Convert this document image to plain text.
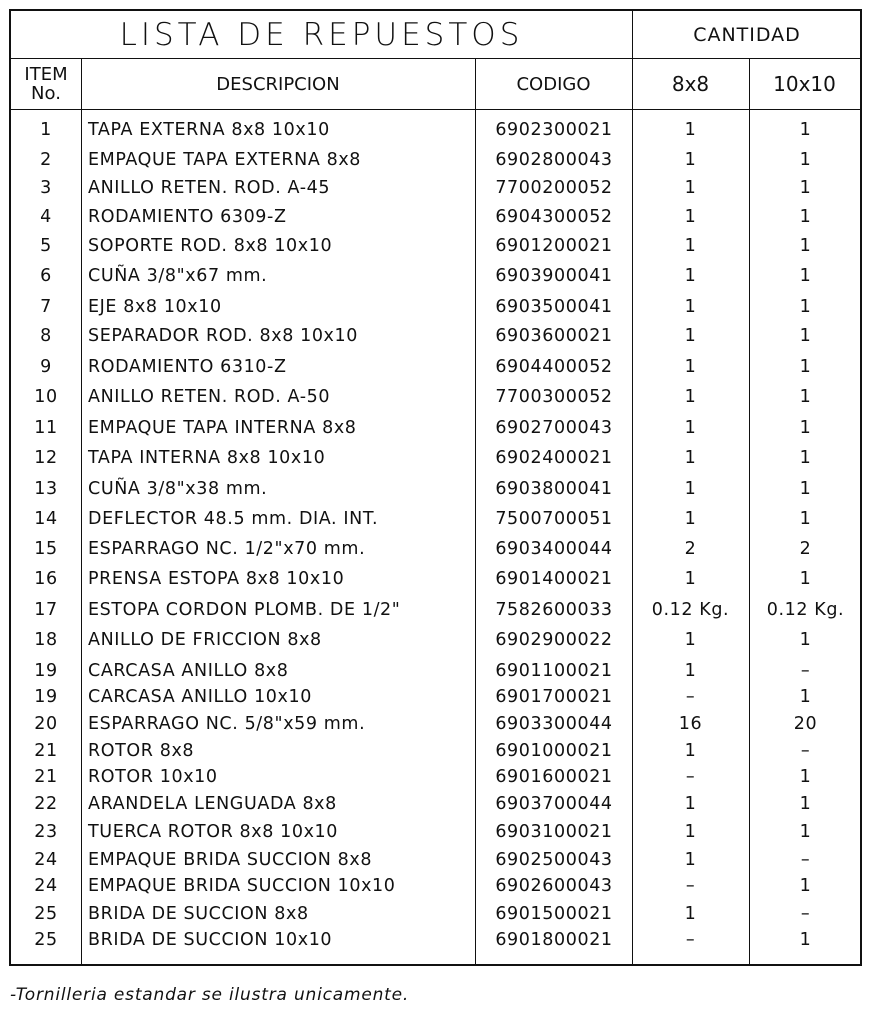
LISTA DE REPUESTOS	CANTIDAD
ITEM
No.	DESCRIPCION	CODIGO	8x8	10x10
1	TAPA EXTERNA 8x8 10x10	6902300021	1	1
2	EMPAQUE TAPA EXTERNA 8x8	6902800043	1	1
3	ANILLO RETEN. ROD. A-45	7700200052	1	1
4	RODAMIENTO 6309-Z	6904300052	1	1
5	SOPORTE ROD. 8x8 10x10	6901200021	1	1
6	CUÑA 3/8"x67 mm.	6903900041	1	1
7	EJE 8x8 10x10	6903500041	1	1
8	SEPARADOR ROD. 8x8 10x10	6903600021	1	1
9	RODAMIENTO 6310-Z	6904400052	1	1
10	ANILLO RETEN. ROD. A-50	7700300052	1	1
11	EMPAQUE TAPA INTERNA 8x8	6902700043	1	1
12	TAPA INTERNA 8x8 10x10	6902400021	1	1
13	CUÑA 3/8"x38 mm.	6903800041	1	1
14	DEFLECTOR 48.5 mm. DIA. INT.	7500700051	1	1
15	ESPARRAGO NC. 1/2"x70 mm.	6903400044	2	2
16	PRENSA ESTOPA 8x8 10x10	6901400021	1	1
17	ESTOPA CORDON PLOMB. DE 1/2"	7582600033	0.12 Kg.	0.12 Kg.
18	ANILLO DE FRICCION 8x8	6902900022	1	1
19	CARCASA ANILLO 8x8	6901100021	1	–
19	CARCASA ANILLO 10x10	6901700021	–	1
20	ESPARRAGO NC. 5/8"x59 mm.	6903300044	16	20
21	ROTOR 8x8	6901000021	1	–
21	ROTOR 10x10	6901600021	–	1
22	ARANDELA LENGUADA 8x8	6903700044	1	1
23	TUERCA ROTOR 8x8 10x10	6903100021	1	1
24	EMPAQUE BRIDA SUCCION 8x8	6902500043	1	–
24	EMPAQUE BRIDA SUCCION 10x10	6902600043	–	1
25	BRIDA DE SUCCION 8x8	6901500021	1	–
25	BRIDA DE SUCCION 10x10	6901800021	–	1
-Tornilleria estandar se ilustra unicamente.
